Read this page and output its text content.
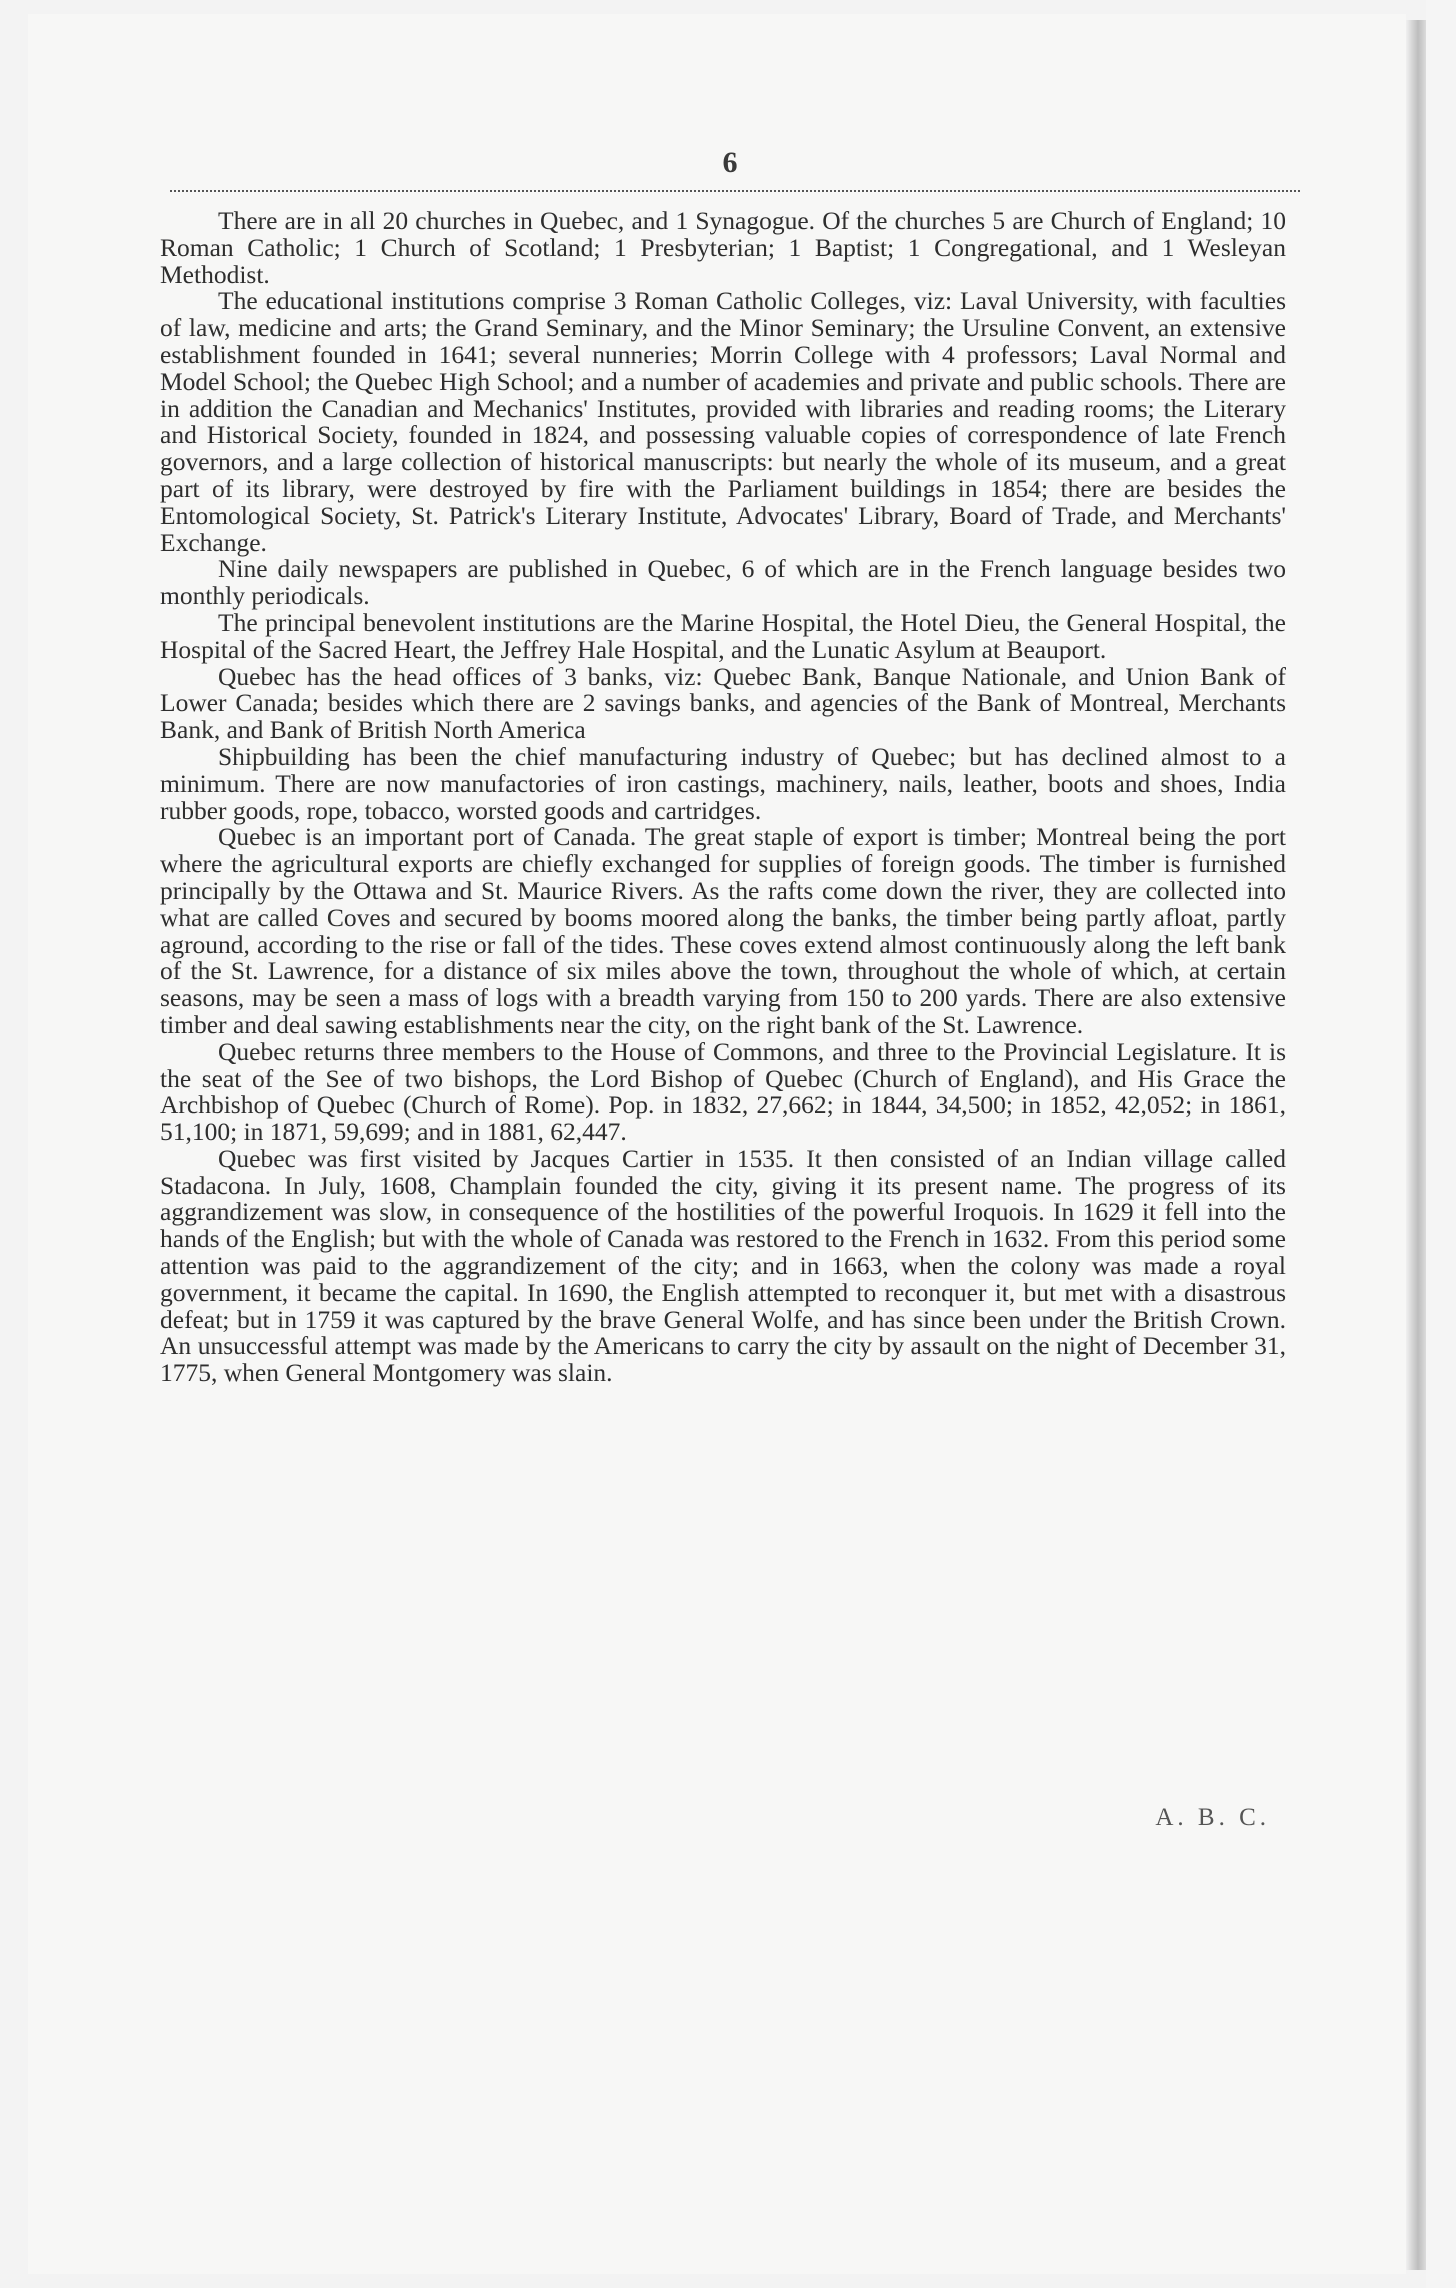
6

There are in all 20 churches in Quebec, and 1 Synagogue. Of the churches 5 are Church of England; 10 Roman Catholic; 1 Church of Scotland; 1 Presbyterian; 1 Baptist; 1 Congregational, and 1 Wesleyan Methodist.

The educational institutions comprise 3 Roman Catholic Colleges, viz: Laval University, with faculties of law, medicine and arts; the Grand Seminary, and the Minor Seminary; the Ursuline Convent, an extensive establishment founded in 1641; several nunneries; Morrin College with 4 professors; Laval Normal and Model School; the Quebec High School; and a number of academies and private and public schools. There are in addition the Canadian and Mechanics' Institutes, provided with libraries and reading rooms; the Literary and Historical Society, founded in 1824, and possessing valuable copies of correspondence of late French governors, and a large collection of historical manuscripts: but nearly the whole of its museum, and a great part of its library, were destroyed by fire with the Parliament buildings in 1854; there are besides the Entomological Society, St. Patrick's Literary Institute, Advocates' Library, Board of Trade, and Merchants' Exchange.

Nine daily newspapers are published in Quebec, 6 of which are in the French language besides two monthly periodicals.

The principal benevolent institutions are the Marine Hospital, the Hotel Dieu, the General Hospital, the Hospital of the Sacred Heart, the Jeffrey Hale Hospital, and the Lunatic Asylum at Beauport.

Quebec has the head offices of 3 banks, viz: Quebec Bank, Banque Nationale, and Union Bank of Lower Canada; besides which there are 2 savings banks, and agencies of the Bank of Montreal, Merchants Bank, and Bank of British North America

Shipbuilding has been the chief manufacturing industry of Quebec; but has declined almost to a minimum. There are now manufactories of iron castings, machinery, nails, leather, boots and shoes, India rubber goods, rope, tobacco, worsted goods and cartridges.

Quebec is an important port of Canada. The great staple of export is timber; Montreal being the port where the agricultural exports are chiefly exchanged for supplies of foreign goods. The timber is furnished principally by the Ottawa and St. Maurice Rivers. As the rafts come down the river, they are collected into what are called Coves and secured by booms moored along the banks, the timber being partly afloat, partly aground, according to the rise or fall of the tides. These coves extend almost continuously along the left bank of the St. Lawrence, for a distance of six miles above the town, throughout the whole of which, at certain seasons, may be seen a mass of logs with a breadth varying from 150 to 200 yards. There are also extensive timber and deal sawing establishments near the city, on the right bank of the St. Lawrence.

Quebec returns three members to the House of Commons, and three to the Provincial Legislature. It is the seat of the See of two bishops, the Lord Bishop of Quebec (Church of England), and His Grace the Archbishop of Quebec (Church of Rome). Pop. in 1832, 27,662; in 1844, 34,500; in 1852, 42,052; in 1861, 51,100; in 1871, 59,699; and in 1881, 62,447.

Quebec was first visited by Jacques Cartier in 1535. It then consisted of an Indian village called Stadacona. In July, 1608, Champlain founded the city, giving it its present name. The progress of its aggrandizement was slow, in consequence of the hostilities of the powerful Iroquois. In 1629 it fell into the hands of the English; but with the whole of Canada was restored to the French in 1632. From this period some attention was paid to the aggrandizement of the city; and in 1663, when the colony was made a royal government, it became the capital. In 1690, the English attempted to reconquer it, but met with a disastrous defeat; but in 1759 it was captured by the brave General Wolfe, and has since been under the British Crown. An unsuccessful attempt was made by the Americans to carry the city by assault on the night of December 31, 1775, when General Montgomery was slain.

A. B. C.
